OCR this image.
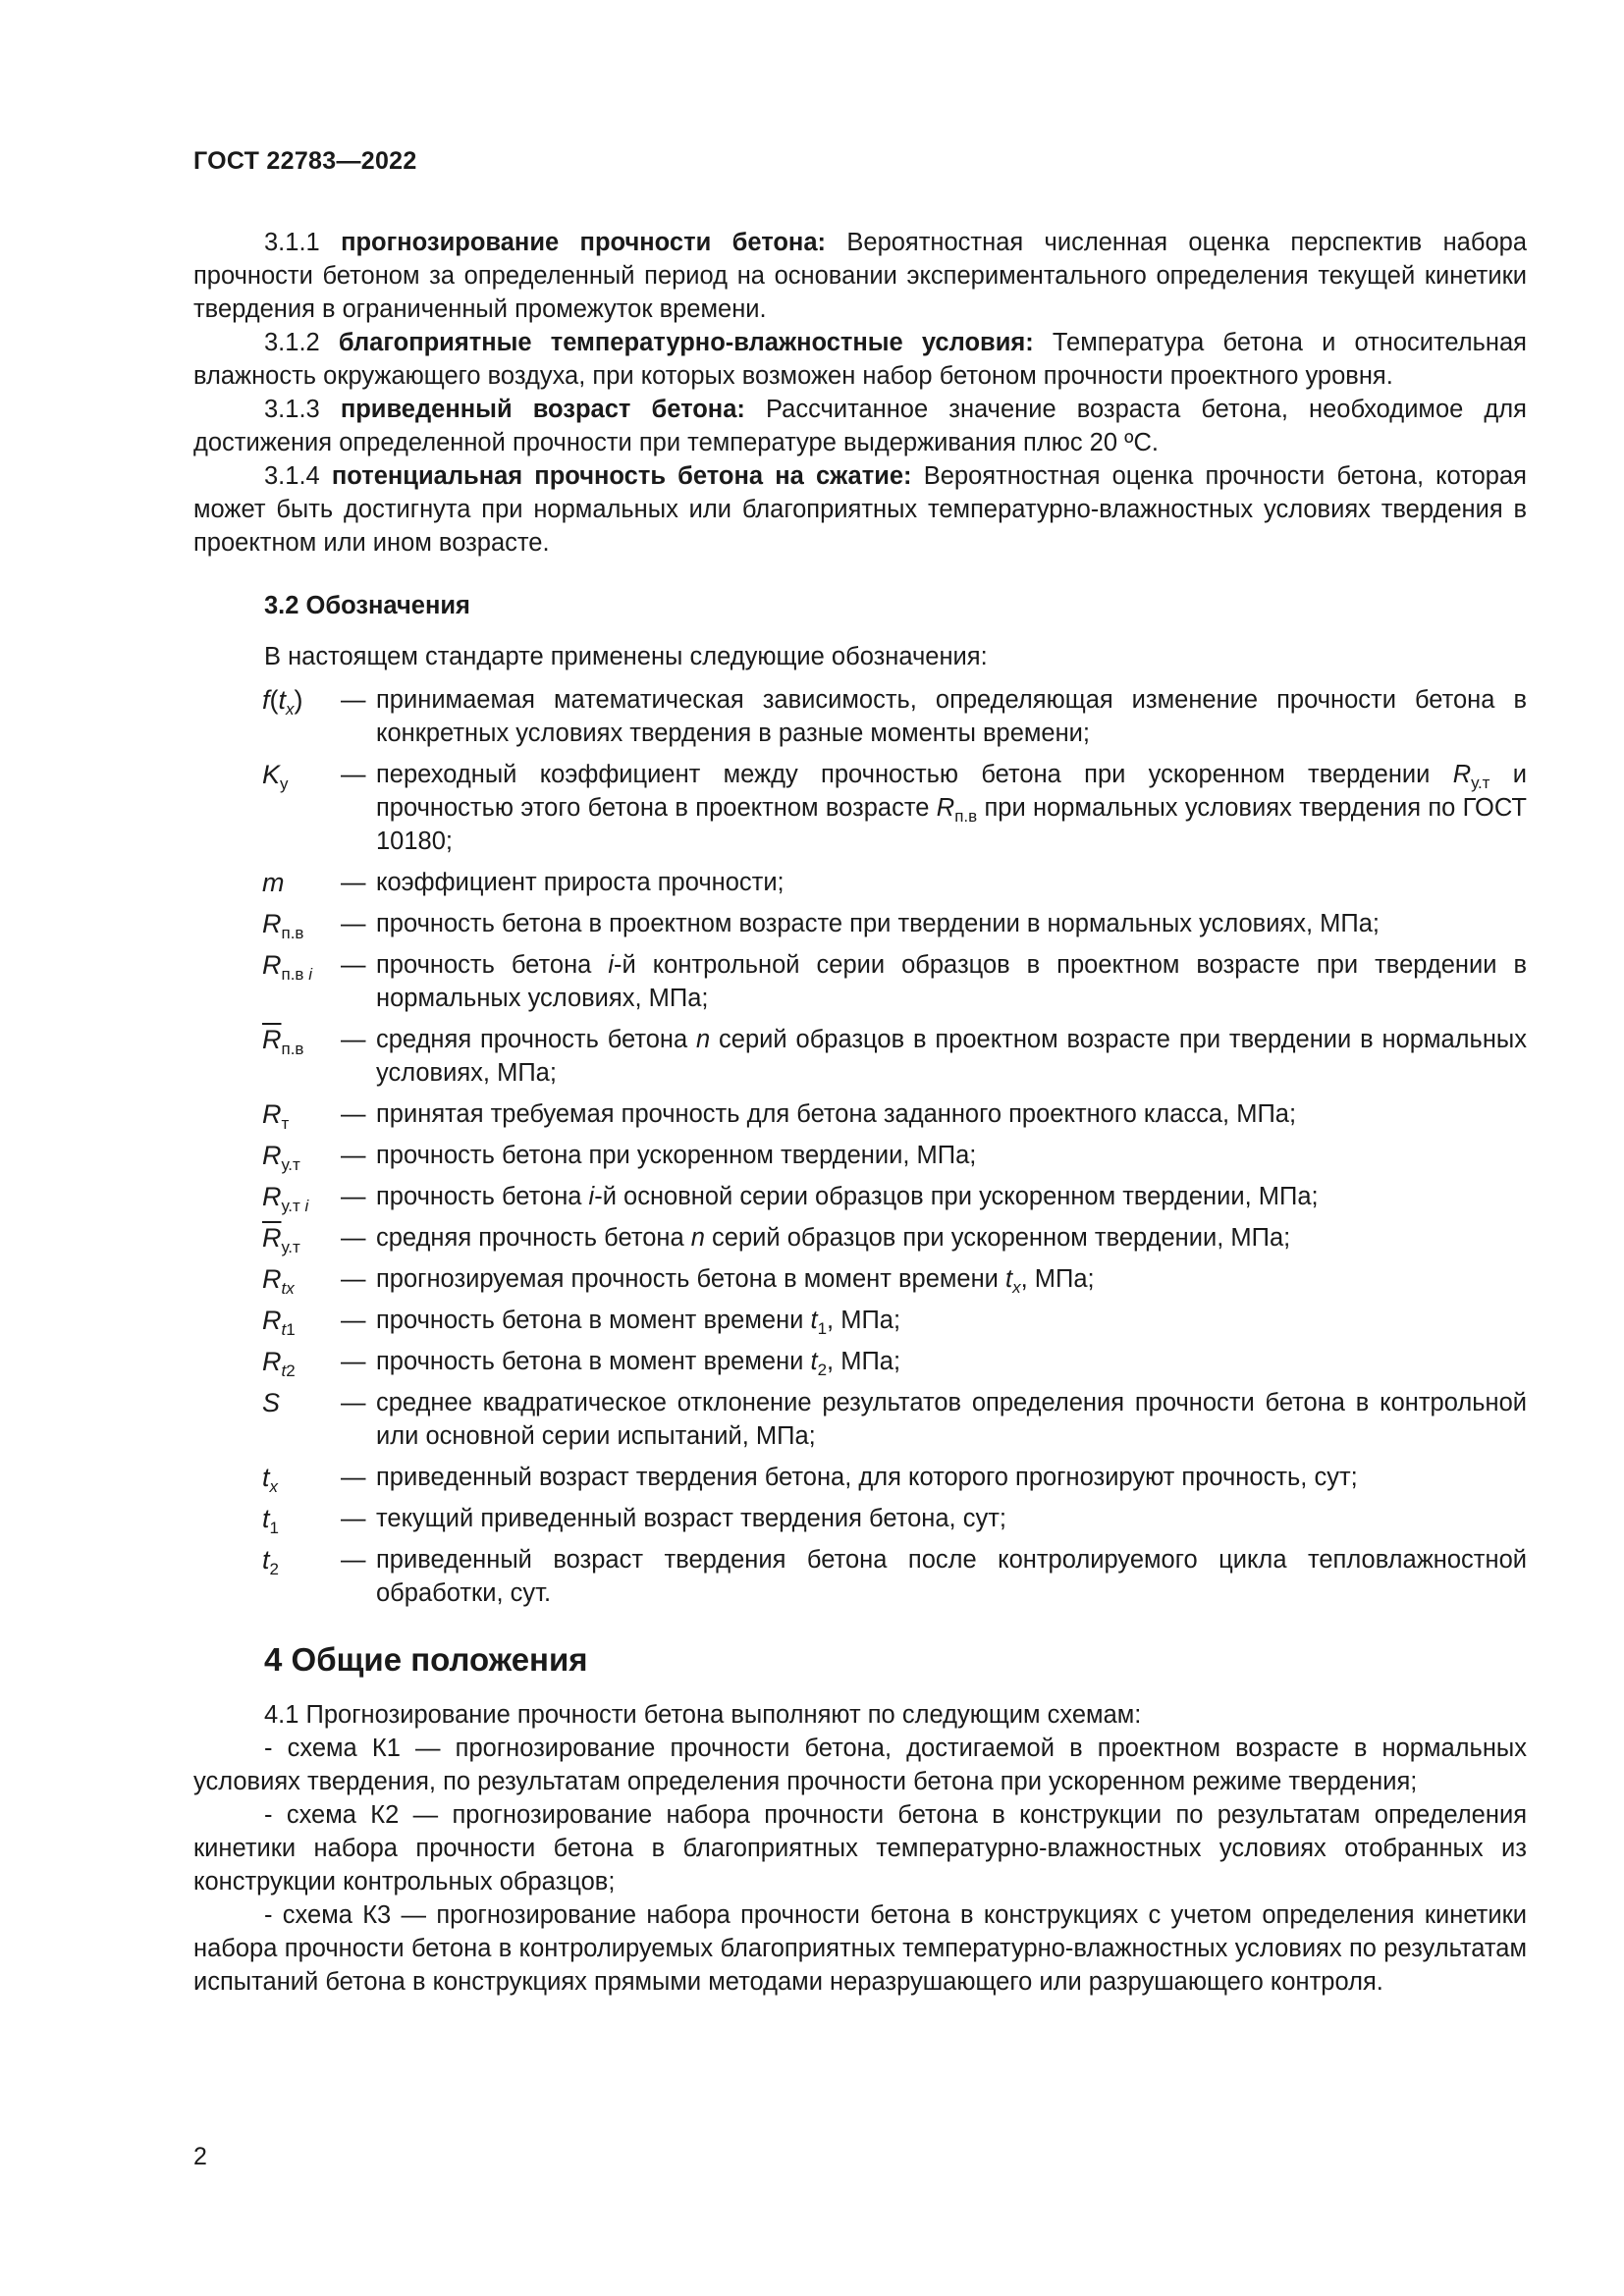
ГОСТ 22783—2022

3.1.1 прогнозирование прочности бетона: Вероятностная численная оценка перспектив набора прочности бетоном за определенный период на основании экспериментального определения текущей кинетики твердения в ограниченный промежуток времени.

3.1.2 благоприятные температурно-влажностные условия: Температура бетона и относительная влажность окружающего воздуха, при которых возможен набор бетоном прочности проектного уровня.

3.1.3 приведенный возраст бетона: Рассчитанное значение возраста бетона, необходимое для достижения определенной прочности при температуре выдерживания плюс 20 ºС.

3.1.4 потенциальная прочность бетона на сжатие: Вероятностная оценка прочности бетона, которая может быть достигнута при нормальных или благоприятных температурно-влажностных условиях твердения в проектном или ином возрасте.

3.2 Обозначения

В настоящем стандарте применены следующие обозначения:

$f(t_x)$	—	принимаемая математическая зависимость, определяющая изменение прочности бетона в конкретных условиях твердения в разные моменты времени;
$K_у$	—	переходный коэффициент между прочностью бетона при ускоренном твердении $R_{у.т}$ и прочностью этого бетона в проектном возрасте $R_{п.в}$ при нормальных условиях твердения по ГОСТ 10180;
m	—	коэффициент прироста прочности;
$R_{п.в}$	—	прочность бетона в проектном возрасте при твердении в нормальных условиях, МПа;
$R_{п.в i}$	—	прочность бетона i-й контрольной серии образцов в проектном возрасте при твердении в нормальных условиях, МПа;
$\overline{R}_{п.в}$	—	средняя прочность бетона n серий образцов в проектном возрасте при твердении в нормальных условиях, МПа;
$R_т$	—	принятая требуемая прочность для бетона заданного проектного класса, МПа;
$R_{у.т}$	—	прочность бетона при ускоренном твердении, МПа;
$R_{у.т i}$	—	прочность бетона i-й основной серии образцов при ускоренном твердении, МПа;
$\overline{R}_{у.т}$	—	средняя прочность бетона n серий образцов при ускоренном твердении, МПа;
$R_{tx}$	—	прогнозируемая прочность бетона в момент времени $t_x$, МПа;
$R_{t1}$	—	прочность бетона в момент времени $t_1$, МПа;
$R_{t2}$	—	прочность бетона в момент времени $t_2$, МПа;
S	—	среднее квадратическое отклонение результатов определения прочности бетона в контрольной или основной серии испытаний, МПа;
$t_x$	—	приведенный возраст твердения бетона, для которого прогнозируют прочность, сут;
$t_1$	—	текущий приведенный возраст твердения бетона, сут;
$t_2$	—	приведенный возраст твердения бетона после контролируемого цикла тепловлажностной обработки, сут.
4 Общие положения

4.1 Прогнозирование прочности бетона выполняют по следующим схемам:

- схема К1 — прогнозирование прочности бетона, достигаемой в проектном возрасте в нормальных условиях твердения, по результатам определения прочности бетона при ускоренном режиме твердения;

- схема К2 — прогнозирование набора прочности бетона в конструкции по результатам определения кинетики набора прочности бетона в благоприятных температурно-влажностных условиях отобранных из конструкции контрольных образцов;

- схема К3 — прогнозирование набора прочности бетона в конструкциях с учетом определения кинетики набора прочности бетона в контролируемых благоприятных температурно-влажностных условиях по результатам испытаний бетона в конструкциях прямыми методами неразрушающего или разрушающего контроля.

2
